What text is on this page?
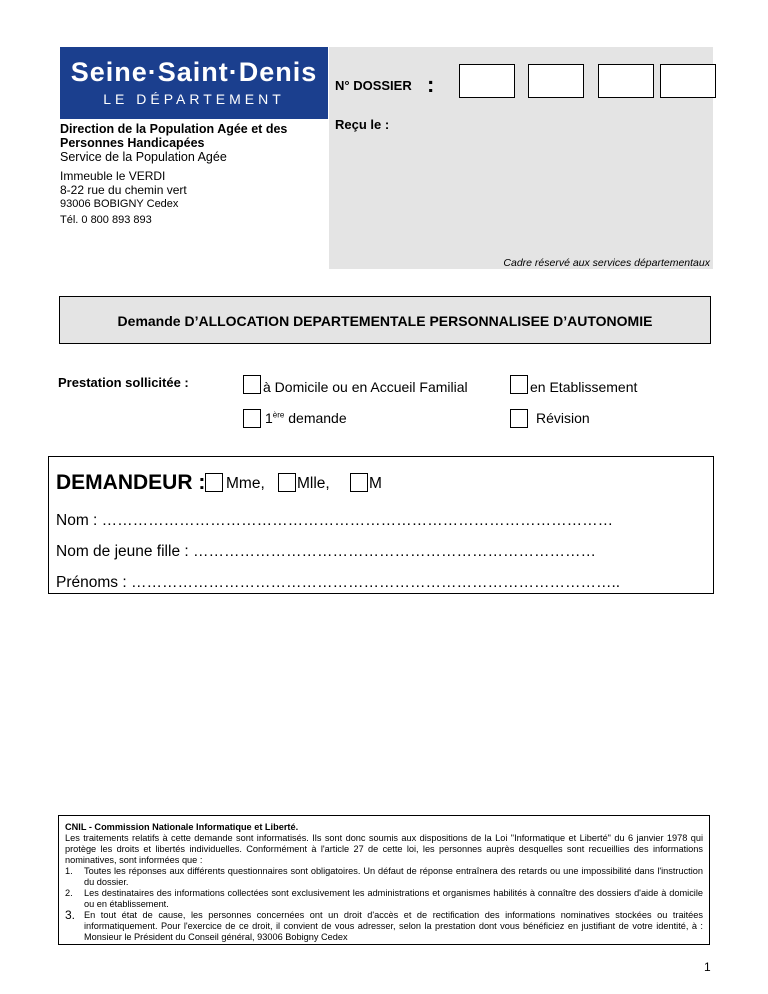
Seine·Saint·Denis
LE DÉPARTEMENT
Direction de la Population Agée et des
Personnes Handicapées
Service de la Population Agée
Immeuble le VERDI
8-22 rue du chemin vert
93006 BOBIGNY Cedex
Tél. 0 800 893 893
N° DOSSIER :
Reçu le :
Cadre réservé aux services départementaux
Demande D’ALLOCATION DEPARTEMENTALE PERSONNALISEE D’AUTONOMIE
Prestation sollicitée :	à Domicile ou en Accueil Familial	en Etablissement
1ère demande	Révision
DEMANDEUR : Mme, Mlle,	M
Nom : ………………………………………………………………………………………
Nom de jeune fille : ……………………………………………………………………
Prénoms : …………………………………………………………………………………..
CNIL - Commission Nationale Informatique et Liberté.

Les traitements relatifs à cette demande sont informatisés. Ils sont donc soumis aux dispositions de la Loi "Informatique et Liberté" du 6 janvier 1978 qui protège les droits et libertés individuelles. Conformément à l'article 27 de cette loi, les personnes auprès desquelles sont recueillies des informations nominatives, sont informées que :

1. Toutes les réponses aux différents questionnaires sont obligatoires. Un défaut de réponse entraînera des retards ou une impossibilité dans l'instruction du dossier.
2. Les destinataires des informations collectées sont exclusivement les administrations et organismes habilités à connaître des dossiers d'aide à domicile ou en établissement.
3. En tout état de cause, les personnes concernées ont un droit d'accès et de rectification des informations nominatives stockées ou traitées informatiquement. Pour l'exercice de ce droit, il convient de vous adresser, selon la prestation dont vous bénéficiez en justifiant de votre identité, à : Monsieur le Président du Conseil général, 93006 Bobigny Cedex
1
